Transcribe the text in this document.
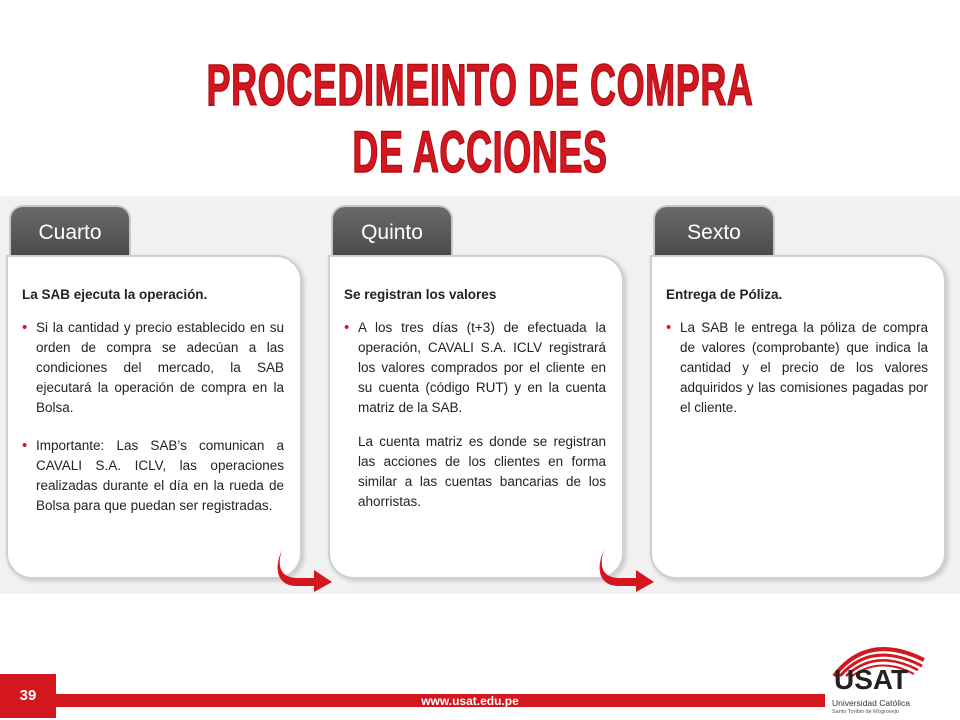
PROCEDIMEINTO DE COMPRA DE ACCIONES
Cuarto
La SAB ejecuta la operación.
• Si la cantidad y precio establecido en su orden de compra se adecúan a las condiciones del mercado, la SAB ejecutará la operación de compra en la Bolsa.
• Importante: Las SAB’s comunican a CAVALI S.A. ICLV, las operaciones realizadas durante el día en la rueda de Bolsa para que puedan ser registradas.
Quinto
Se registran los valores
• A los tres días (t+3) de efectuada la operación, CAVALI S.A. ICLV registrará los valores comprados por el cliente en su cuenta (código RUT) y en la cuenta matriz de la SAB.

La cuenta matriz es donde se registran las acciones de los clientes en forma similar a las cuentas bancarias de los ahorristas.

Sexto
Entrega de Póliza.
• La SAB le entrega la póliza de compra de valores (comprobante) que indica la cantidad y el precio de los valores adquiridos y las comisiones pagadas por el cliente.
39	www.usat.edu.pe
USAT
Universidad Católica
Santo Toribio de Mogrovejo
